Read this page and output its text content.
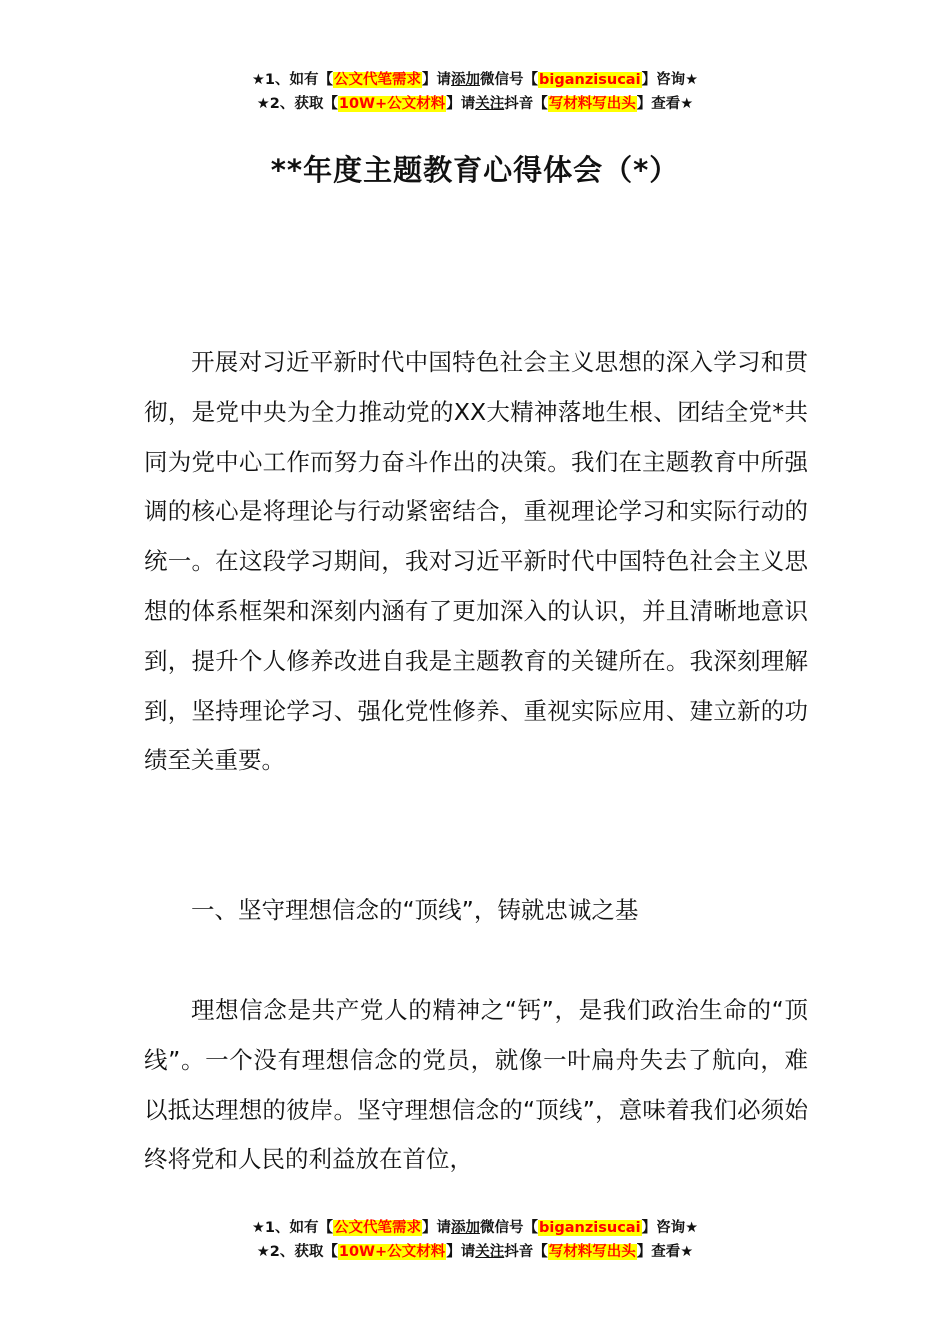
★1、如有【公文代笔需求】请添加微信号【biganzisucai】咨询★
★2、获取【10W+公文材料】请关注抖音【写材料写出头】查看★
**年度主题教育心得体会（*）

开展对习近平新时代中国特色社会主义思想的深入学习和贯彻，是党中央为全力推动党的XX大精神落地生根、团结全党*共同为党中心工作而努力奋斗作出的决策。我们在主题教育中所强调的核心是将理论与行动紧密结合，重视理论学习和实际行动的统一。在这段学习期间，我对习近平新时代中国特色社会主义思想的体系框架和深刻内涵有了更加深入的认识，并且清晰地意识到，提升个人修养改进自我是主题教育的关键所在。我深刻理解到，坚持理论学习、强化党性修养、重视实际应用、建立新的功绩至关重要。

一、坚守理想信念的“顶线”，铸就忠诚之基

理想信念是共产党人的精神之“钙”，是我们政治生命的“顶线”。一个没有理想信念的党员，就像一叶扁舟失去了航向，难以抵达理想的彼岸。坚守理想信念的“顶线”，意味着我们必须始终将党和人民的利益放在首位，

★1、如有【公文代笔需求】请添加微信号【biganzisucai】咨询★
★2、获取【10W+公文材料】请关注抖音【写材料写出头】查看★
